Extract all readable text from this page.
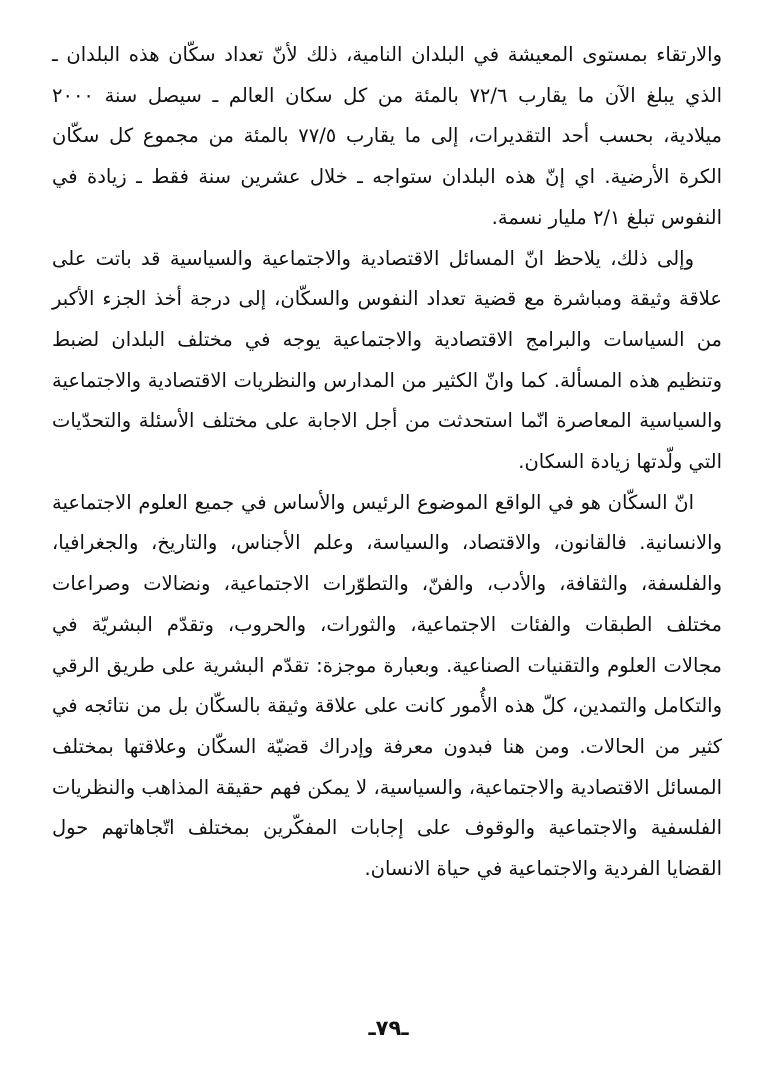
والارتقاء بمستوى المعيشة في البلدان النامية، ذلك لأنّ تعداد سكّان هذه البلدان ـ الذي يبلغ الآن ما يقارب ٧٢/٦ بالمئة من كل سكان العالم ـ سيصل سنة ٢٠٠٠ ميلادية، بحسب أحد التقديرات، إلى ما يقارب ٧٧/٥ بالمئة من مجموع كل سكّان الكرة الأرضية. اي إنّ هذه البلدان ستواجه ـ خلال عشرين سنة فقط ـ زيادة في النفوس تبلغ ٢/١ مليار نسمة.

وإلى ذلك، يلاحظ انّ المسائل الاقتصادية والاجتماعية والسياسية قد باتت على علاقة وثيقة ومباشرة مع قضية تعداد النفوس والسكّان، إلى درجة أخذ الجزء الأكبر من السياسات والبرامج الاقتصادية والاجتماعية يوجه في مختلف البلدان لضبط وتنظيم هذه المسألة. كما وانّ الكثير من المدارس والنظريات الاقتصادية والاجتماعية والسياسية المعاصرة انّما استحدثت من أجل الاجابة على مختلف الأسئلة والتحدّيات التي ولّدتها زيادة السكان.

انّ السكّان هو في الواقع الموضوع الرئيس والأساس في جميع العلوم الاجتماعية والانسانية. فالقانون، والاقتصاد، والسياسة، وعلم الأجناس، والتاريخ، والجغرافيا، والفلسفة، والثقافة، والأدب، والفنّ، والتطوّرات الاجتماعية، ونضالات وصراعات مختلف الطبقات والفئات الاجتماعية، والثورات، والحروب، وتقدّم البشريّة في مجالات العلوم والتقنيات الصناعية. وبعبارة موجزة: تقدّم البشرية على طريق الرقي والتكامل والتمدين، كلّ هذه الأُمور كانت على علاقة وثيقة بالسكّان بل من نتائجه في كثير من الحالات. ومن هنا فبدون معرفة وإدراك قضيّة السكّان وعلاقتها بمختلف المسائل الاقتصادية والاجتماعية، والسياسية، لا يمكن فهم حقيقة المذاهب والنظريات الفلسفية والاجتماعية والوقوف على إجابات المفكّرين بمختلف اتّجاهاتهم حول القضايا الفردية والاجتماعية في حياة الانسان.

ـ٧٩ـ
